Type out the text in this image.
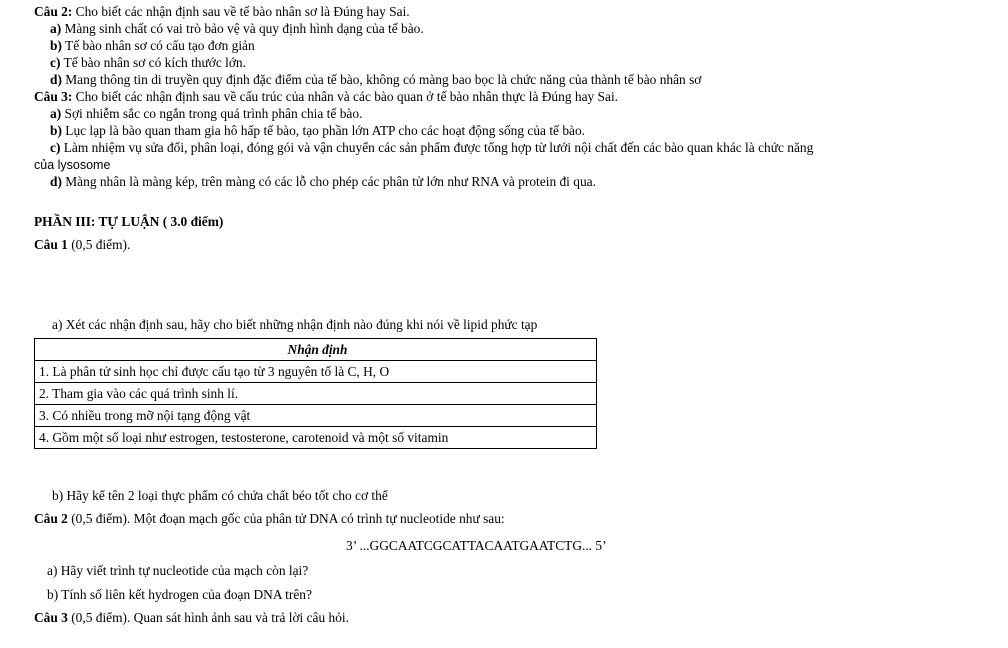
Câu 2: Cho biết các nhận định sau về tế bào nhân sơ là Đúng hay Sai.
a) Màng sinh chất có vai trò bảo vệ và quy định hình dạng của tế bào.
b) Tế bào nhân sơ có cấu tạo đơn giản
c) Tế bào nhân sơ có kích thước lớn.
d) Mang thông tin di truyền quy định đặc điểm của tế bào, không có màng bao bọc là chức năng của thành tế bào nhân sơ
Câu 3: Cho biết các nhận định sau về cấu trúc của nhân và các bào quan ở tế bào nhân thực là Đúng hay Sai.
a) Sợi nhiễm sắc co ngắn trong quá trình phân chia tế bào.
b) Lục lạp là bào quan tham gia hô hấp tế bào, tạo phần lớn ATP cho các hoạt động sống của tế bào.
c) Làm nhiệm vụ sửa đổi, phân loại, đóng gói và vận chuyển các sản phẩm được tổng hợp từ lưới nội chất đến các bào quan khác là chức năng
của lysosome
d) Màng nhân là màng kép, trên màng có các lỗ cho phép các phân tử lớn như RNA và protein đi qua.
PHẦN III: TỰ LUẬN ( 3.0 điểm)
Câu 1 (0,5 điểm).
a) Xét các nhận định sau, hãy cho biết những nhận định nào đúng khi nói về lipid phức tạp
Nhận định
1. Là phân tử sinh học chỉ được cấu tạo từ 3 nguyên tố là C, H, O
2. Tham gia vào các quá trình sinh lí.
3. Có nhiều trong mỡ nội tạng động vật
4. Gồm một số loại như estrogen, testosterone, carotenoid và một số vitamin
b) Hãy kể tên 2 loại thực phẩm có chứa chất béo tốt cho cơ thể
Câu 2 (0,5 điểm). Một đoạn mạch gốc của phân tử DNA có trình tự nucleotide như sau:
3’ ...GGCAATCGCATTACAATGAATCTG... 5’
a) Hãy viết trình tự nucleotide của mạch còn lại?
b) Tính số liên kết hydrogen của đoạn DNA trên?
Câu 3 (0,5 điểm). Quan sát hình ảnh sau và trả lời câu hỏi.
